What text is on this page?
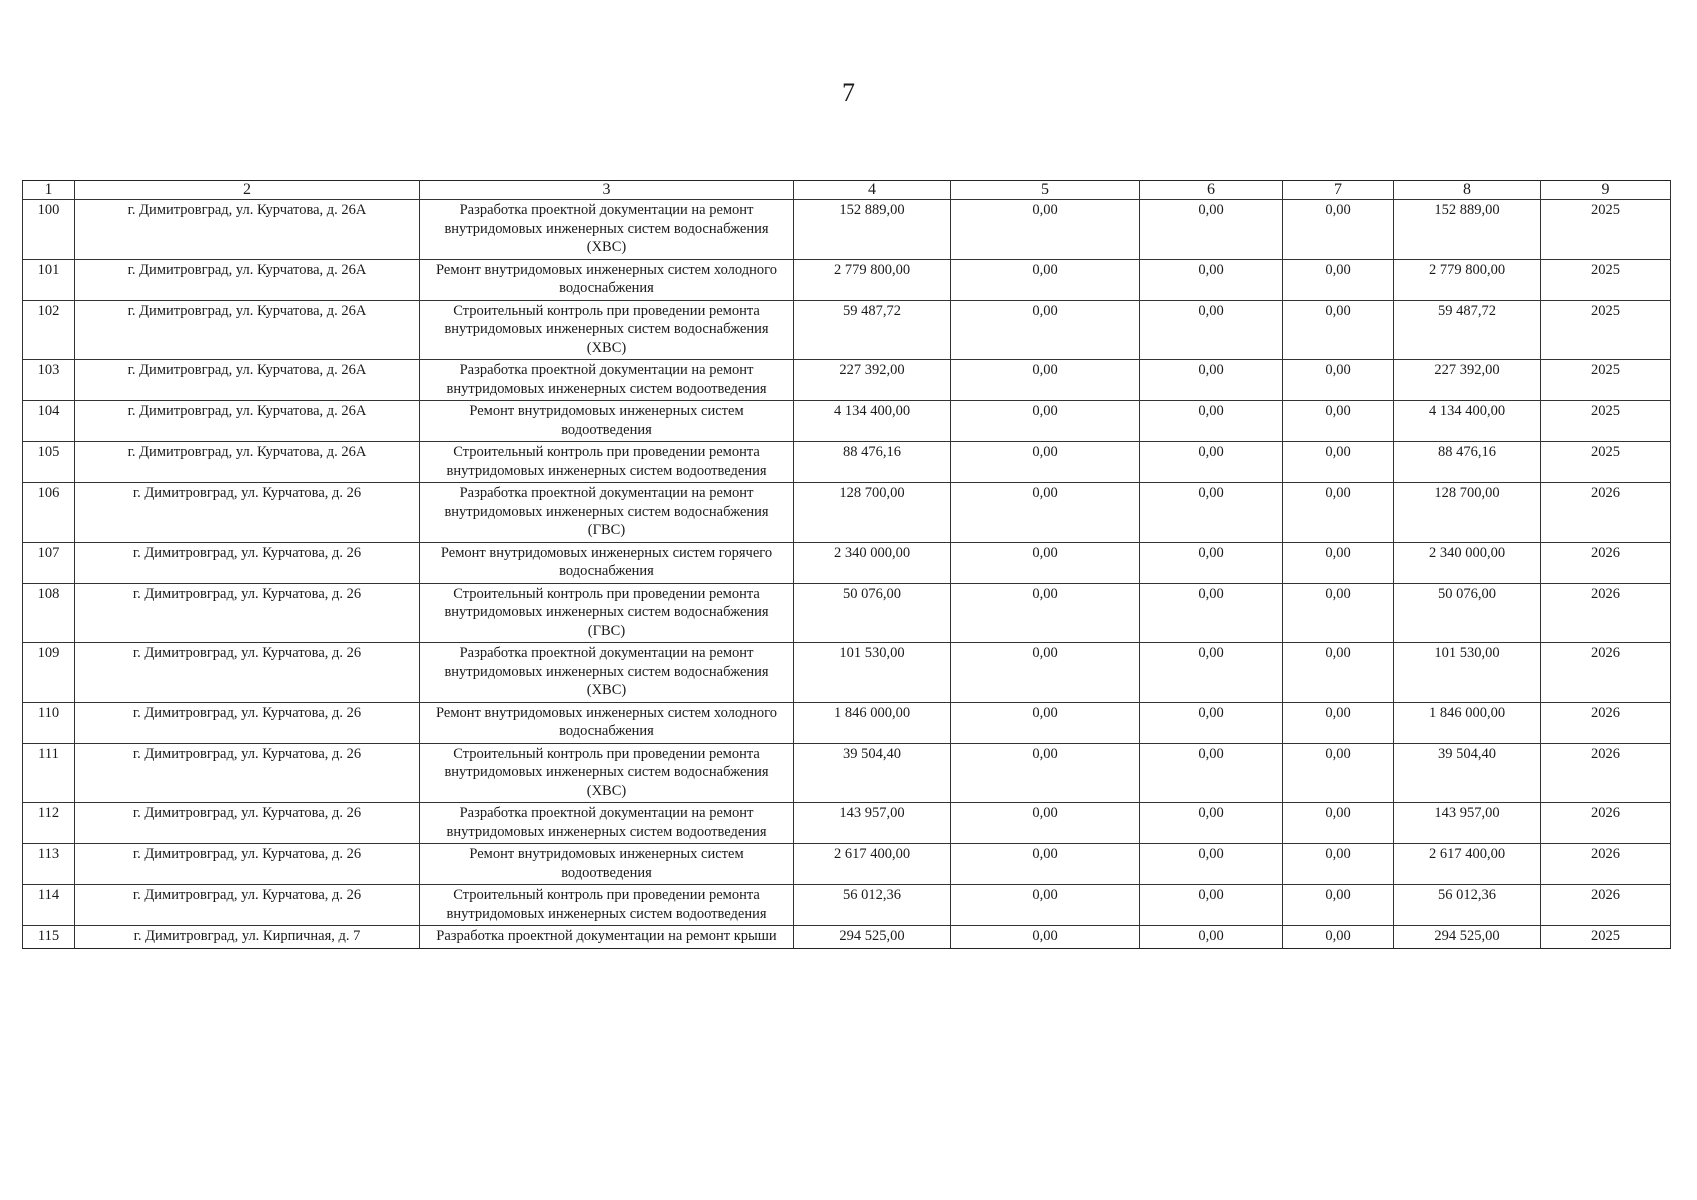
7
1	2	3	4	5	6	7	8	9
100	г. Димитровград, ул. Курчатова, д. 26А	Разработка проектной документации на ремонт внутридомовых инженерных систем водоснабжения (ХВС)	152 889,00	0,00	0,00	0,00	152 889,00	2025
101	г. Димитровград, ул. Курчатова, д. 26А	Ремонт внутридомовых инженерных систем холодного водоснабжения	2 779 800,00	0,00	0,00	0,00	2 779 800,00	2025
102	г. Димитровград, ул. Курчатова, д. 26А	Строительный контроль при проведении ремонта внутридомовых инженерных систем водоснабжения (ХВС)	59 487,72	0,00	0,00	0,00	59 487,72	2025
103	г. Димитровград, ул. Курчатова, д. 26А	Разработка проектной документации на ремонт внутридомовых инженерных систем водоотведения	227 392,00	0,00	0,00	0,00	227 392,00	2025
104	г. Димитровград, ул. Курчатова, д. 26А	Ремонт внутридомовых инженерных систем водоотведения	4 134 400,00	0,00	0,00	0,00	4 134 400,00	2025
105	г. Димитровград, ул. Курчатова, д. 26А	Строительный контроль при проведении ремонта внутридомовых инженерных систем водоотведения	88 476,16	0,00	0,00	0,00	88 476,16	2025
106	г. Димитровград, ул. Курчатова, д. 26	Разработка проектной документации на ремонт внутридомовых инженерных систем водоснабжения (ГВС)	128 700,00	0,00	0,00	0,00	128 700,00	2026
107	г. Димитровград, ул. Курчатова, д. 26	Ремонт внутридомовых инженерных систем горячего водоснабжения	2 340 000,00	0,00	0,00	0,00	2 340 000,00	2026
108	г. Димитровград, ул. Курчатова, д. 26	Строительный контроль при проведении ремонта внутридомовых инженерных систем водоснабжения (ГВС)	50 076,00	0,00	0,00	0,00	50 076,00	2026
109	г. Димитровград, ул. Курчатова, д. 26	Разработка проектной документации на ремонт внутридомовых инженерных систем водоснабжения (ХВС)	101 530,00	0,00	0,00	0,00	101 530,00	2026
110	г. Димитровград, ул. Курчатова, д. 26	Ремонт внутридомовых инженерных систем холодного водоснабжения	1 846 000,00	0,00	0,00	0,00	1 846 000,00	2026
111	г. Димитровград, ул. Курчатова, д. 26	Строительный контроль при проведении ремонта внутридомовых инженерных систем водоснабжения (ХВС)	39 504,40	0,00	0,00	0,00	39 504,40	2026
112	г. Димитровград, ул. Курчатова, д. 26	Разработка проектной документации на ремонт внутридомовых инженерных систем водоотведения	143 957,00	0,00	0,00	0,00	143 957,00	2026
113	г. Димитровград, ул. Курчатова, д. 26	Ремонт внутридомовых инженерных систем водоотведения	2 617 400,00	0,00	0,00	0,00	2 617 400,00	2026
114	г. Димитровград, ул. Курчатова, д. 26	Строительный контроль при проведении ремонта внутридомовых инженерных систем водоотведения	56 012,36	0,00	0,00	0,00	56 012,36	2026
115	г. Димитровград, ул. Кирпичная, д. 7	Разработка проектной документации на ремонт крыши	294 525,00	0,00	0,00	0,00	294 525,00	2025
